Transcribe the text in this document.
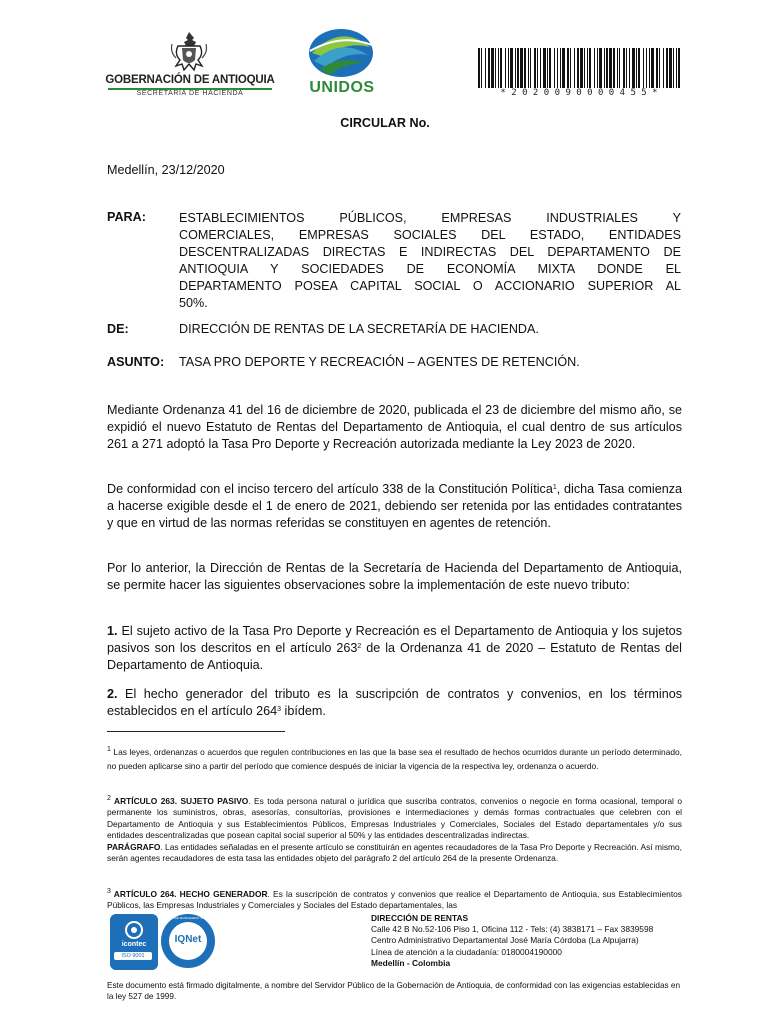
GOBERNACIÓN DE ANTIOQUIA
SECRETARÍA DE HACIENDA	UNIDOS	* 2 0 2 0 0 9 0 0 0 0 4 5 5 *
CIRCULAR No.
Medellín, 23/12/2020
PARA:	ESTABLECIMIENTOS PÚBLICOS, EMPRESAS INDUSTRIALES Y
COMERCIALES, EMPRESAS SOCIALES DEL ESTADO, ENTIDADES
DESCENTRALIZADAS DIRECTAS E INDIRECTAS DEL DEPARTAMENTO DE
ANTIOQUIA Y SOCIEDADES DE ECONOMÍA MIXTA DONDE EL
DEPARTAMENTO POSEA CAPITAL SOCIAL O ACCIONARIO SUPERIOR AL
50%.
DE:	DIRECCIÓN DE RENTAS DE LA SECRETARÍA DE HACIENDA.
ASUNTO: TASA PRO DEPORTE Y RECREACIÓN – AGENTES DE RETENCIÓN.
Mediante Ordenanza 41 del 16 de diciembre de 2020, publicada el 23 de diciembre del mismo año, se expidió el nuevo Estatuto de Rentas del Departamento de Antioquia, el cual dentro de sus artículos 261 a 271 adoptó la Tasa Pro Deporte y Recreación autorizada mediante la Ley 2023 de 2020.
De conformidad con el inciso tercero del artículo 338 de la Constitución Política$^1$, dicha Tasa comienza a hacerse exigible desde el 1 de enero de 2021, debiendo ser retenida por las entidades contratantes y que en virtud de las normas referidas se constituyen en agentes de retención.
Por lo anterior, la Dirección de Rentas de la Secretaría de Hacienda del Departamento de Antioquia, se permite hacer las siguientes observaciones sobre la implementación de este nuevo tributo:
1. El sujeto activo de la Tasa Pro Deporte y Recreación es el Departamento de Antioquia y los sujetos pasivos son los descritos en el artículo $263^2$ de la Ordenanza 41 de 2020 – Estatuto de Rentas del Departamento de Antioquia.
2. El hecho generador del tributo es la suscripción de contratos y convenios, en los términos establecidos en el artículo $264^3$ ibídem.
$^1$ Las leyes, ordenanzas o acuerdos que regulen contribuciones en las que la base sea el resultado de hechos ocurridos durante un período determinado, no pueden aplicarse sino a partir del período que comience después de iniciar la vigencia de la respectiva ley, ordenanza o acuerdo.
$^2$ ARTÍCULO 263. SUJETO PASIVO. Es toda persona natural o jurídica que suscriba contratos, convenios o negocie en forma ocasional, temporal o permanente los suministros, obras, asesorías, consultorías, provisiones e intermediaciones y demás formas contractuales que celebren con el Departamento de Antioquia y sus Establecimientos Públicos, Empresas Industriales y Comerciales, Sociales del Estado departamentales y/o sus entidades descentralizadas que posean capital social superior al 50% y las entidades descentralizadas indirectas.
PARÁGRAFO. Las entidades señaladas en el presente artículo se constituirán en agentes recaudadores de la Tasa Pro Deporte y Recreación. Así mismo, serán agentes recaudadores de esta tasa las entidades objeto del parágrafo 2 del artículo 264 de la presente Ordenanza.
$^3$ ARTÍCULO 264. HECHO GENERADOR. Es la suscripción de contratos y convenios que realice el Departamento de Antioquia, sus Establecimientos Públicos, las Empresas Industriales y Comerciales y Sociales del Estado departamentales, las
DIRECCIÓN DE RENTAS
Calle 42 B No.52-106 Piso 1, Oficina 112 - Tels: (4) 3838171 – Fax 3839598
Centro Administrativo Departamental José María Córdoba (La Alpujarra)
Línea de atención a la ciudadanía: 0180004190000
Medellín - Colombia
icontec
ISO 9001
IQNet
CERTIFIED MANAGEMENT SYSTEM
Este documento está firmado digitalmente, a nombre del Servidor Público de la Gobernación de Antioquia, de conformidad con las exigencias establecidas en la ley 527 de 1999.
